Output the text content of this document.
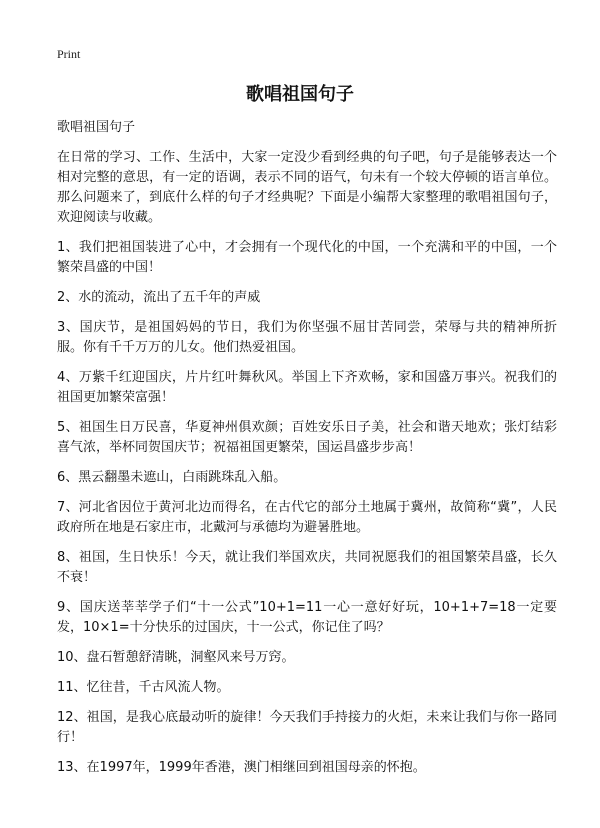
Print
歌唱祖国句子

歌唱祖国句子

在日常的学习、工作、生活中，大家一定没少看到经典的句子吧，句子是能够表达一个相对完整的意思，有一定的语调，表示不同的语气，句未有一个较大停顿的语言单位。那么问题来了，到底什么样的句子才经典呢？下面是小编帮大家整理的歌唱祖国句子，欢迎阅读与收藏。

1、我们把祖国装进了心中，才会拥有一个现代化的中国，一个充满和平的中国，一个繁荣昌盛的中国！

2、水的流动，流出了五千年的声威

3、国庆节，是祖国妈妈的节日，我们为你坚强不屈甘苦同尝，荣辱与共的精神所折服。你有千千万万的儿女。他们热爱祖国。

4、万紫千红迎国庆，片片红叶舞秋风。举国上下齐欢畅，家和国盛万事兴。祝我们的祖国更加繁荣富强！

5、祖国生日万民喜，华夏神州俱欢颜；百姓安乐日子美，社会和谐天地欢；张灯结彩喜气浓，举杯同贺国庆节；祝福祖国更繁荣，国运昌盛步步高！

6、黑云翻墨未遮山，白雨跳珠乱入船。

7、河北省因位于黄河北边而得名，在古代它的部分土地属于冀州，故简称“冀”，人民政府所在地是石家庄市，北戴河与承德均为避暑胜地。

8、祖国，生日快乐！今天，就让我们举国欢庆，共同祝愿我们的祖国繁荣昌盛，长久不衰！

9、国庆送莘莘学子们“十一公式”10+1=11一心一意好好玩，10+1+7=18一定要发，10×1=十分快乐的过国庆，十一公式，你记住了吗？

10、盘石暂憩舒清眺，洞壑风来号万窍。

11、忆往昔，千古风流人物。

12、祖国，是我心底最动听的旋律！今天我们手持接力的火炬，未来让我们与你一路同行！

13、在1997年，1999年香港，澳门相继回到祖国母亲的怀抱。
